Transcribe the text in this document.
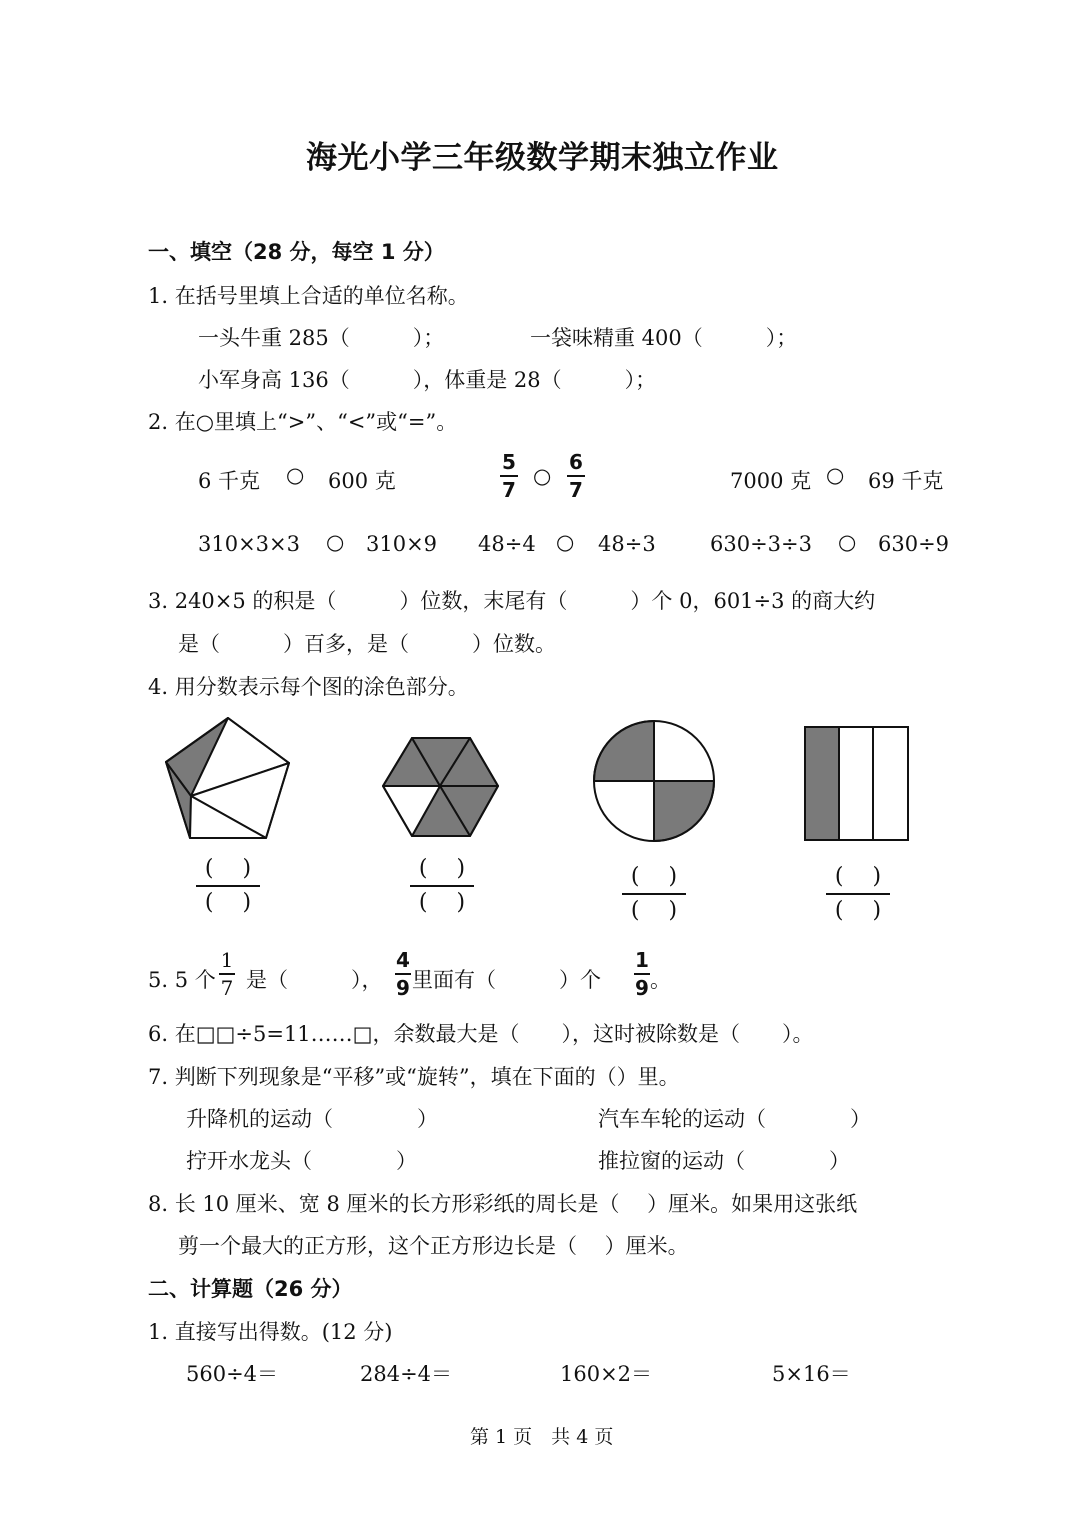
海光小学三年级数学期末独立作业
一、填空（28 分，每空 1 分）
1. 在括号里填上合适的单位名称。
一头牛重 285（　　　）；	一袋味精重 400（　　　）；
小军身高 136（　　　），体重是 28（　　　）；
2. 在○里填上“>”、“<”或“=”。
6 千克 ○ 600 克
5
7
○
6
7	7000 克 ○ 69 千克
310×3×3 ○ 310×9 48÷4 ○ 48÷3	630÷3÷3 ○ 630÷9
3. 240×5 的积是（　　　）位数，末尾有（　　　）个 0，601÷3 的商大约
是（　　　）百多，是（　　　）位数。
4. 用分数表示每个图的涂色部分。
(　 )
(　 )
(　 )
(　 )
(　 )
(　 )
(　 )
(　 )
5. 5 个
1
7 是（　　　），
4
9 里面有（　　　）个
1
9 。
6. 在□□÷5=11……□，余数最大是（　　），这时被除数是（　　）。
7. 判断下列现象是“平移”或“旋转”，填在下面的（）里。
升降机的运动（　　　　）	汽车车轮的运动（　　　　）
拧开水龙头（　　　　）	推拉窗的运动（　　　　）
8. 长 10 厘米、宽 8 厘米的长方形彩纸的周长是（　 ）厘米。如果用这张纸
剪一个最大的正方形，这个正方形边长是（　 ）厘米。
二、计算题（26 分）
1. 直接写出得数。(12 分)
560÷4＝	284÷4＝	160×2＝	5×16＝
第 1 页　共 4 页
